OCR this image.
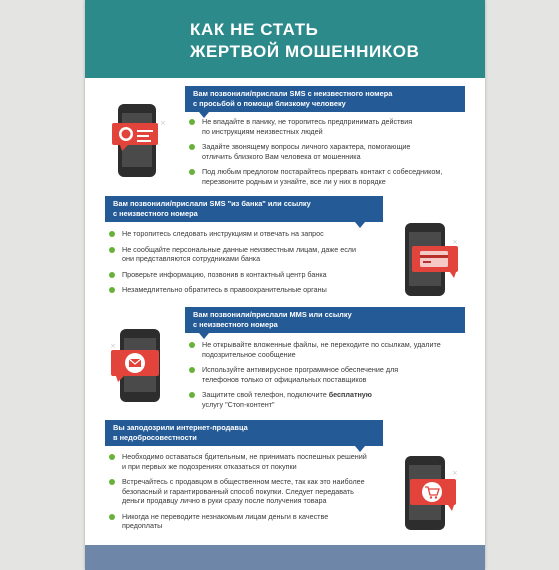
КАК НЕ СТАТЬ
ЖЕРТВОЙ МОШЕННИКОВ
Вам позвонили/прислали SMS с неизвестного номера
с просьбой о помощи близкому человеку
×	Не впадайте в панику, не торопитесь предпринимать действия
по инструкциям неизвестных людей
Задайте звонящему вопросы личного характера, помогающие
отличить близкого Вам человека от мошенника
Под любым предлогом постарайтесь прервать контакт с собеседником,
перезвоните родным и узнайте, все ли у них в порядке
Вам позвонили/прислали SMS "из банка" или ссылку
с неизвестного номера
Не торопитесь следовать инструкциям и отвечать на запрос
Не сообщайте персональные данные неизвестным лицам, даже если
они представляются сотрудниками банка
Проверьте информацию, позвонив в контактный центр банка
Незамедлительно обратитесь в правоохранительные органы
×
Вам позвонили/прислали MMS или ссылку
с неизвестного номера
×	Не открывайте вложенные файлы, не переходите по ссылкам, удалите
подозрительное сообщение
Используйте антивирусное программное обеспечение для
телефонов только от официальных поставщиков
Защитите свой телефон, подключите бесплатную
услугу "Стоп-контент"
Вы заподозрили интернет-продавца
в недобросовестности
Необходимо оставаться бдительным, не принимать поспешных решений
и при первых же подозрениях отказаться от покупки
Встречайтесь с продавцом в общественном месте, так как это наиболее
безопасный и гарантированный способ покупки. Следует передавать
деньги продавцу лично в руки сразу после получения товара
Никогда не переводите незнакомым лицам деньги в качестве
предоплаты
×
